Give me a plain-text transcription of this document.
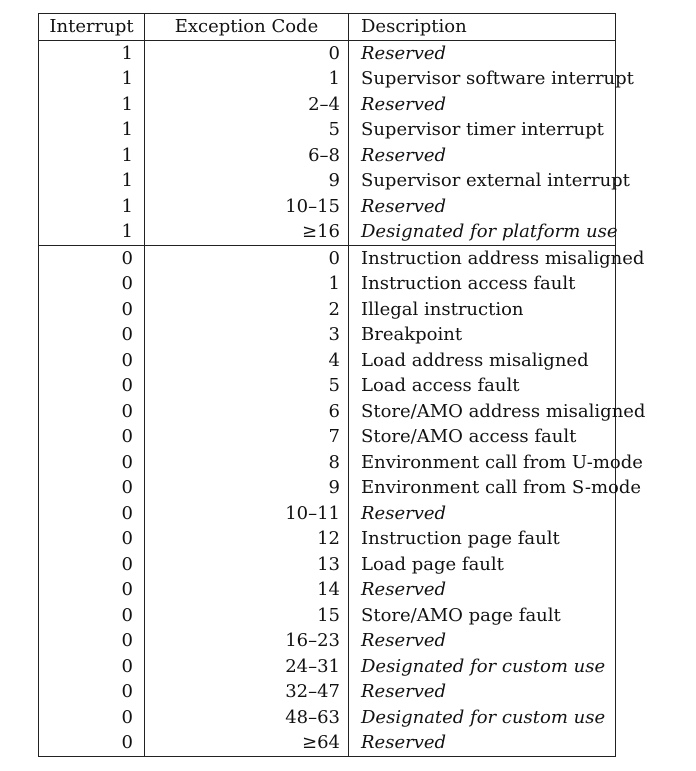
Interrupt	Exception Code	Description
1	0	Reserved
1	1	Supervisor software interrupt
1	2–4	Reserved
1	5	Supervisor timer interrupt
1	6–8	Reserved
1	9	Supervisor external interrupt
1	10–15	Reserved
1	≥16	Designated for platform use
0	0	Instruction address misaligned
0	1	Instruction access fault
0	2	Illegal instruction
0	3	Breakpoint
0	4	Load address misaligned
0	5	Load access fault
0	6	Store/AMO address misaligned
0	7	Store/AMO access fault
0	8	Environment call from U-mode
0	9	Environment call from S-mode
0	10–11	Reserved
0	12	Instruction page fault
0	13	Load page fault
0	14	Reserved
0	15	Store/AMO page fault
0	16–23	Reserved
0	24–31	Designated for custom use
0	32–47	Reserved
0	48–63	Designated for custom use
0	≥64	Reserved
